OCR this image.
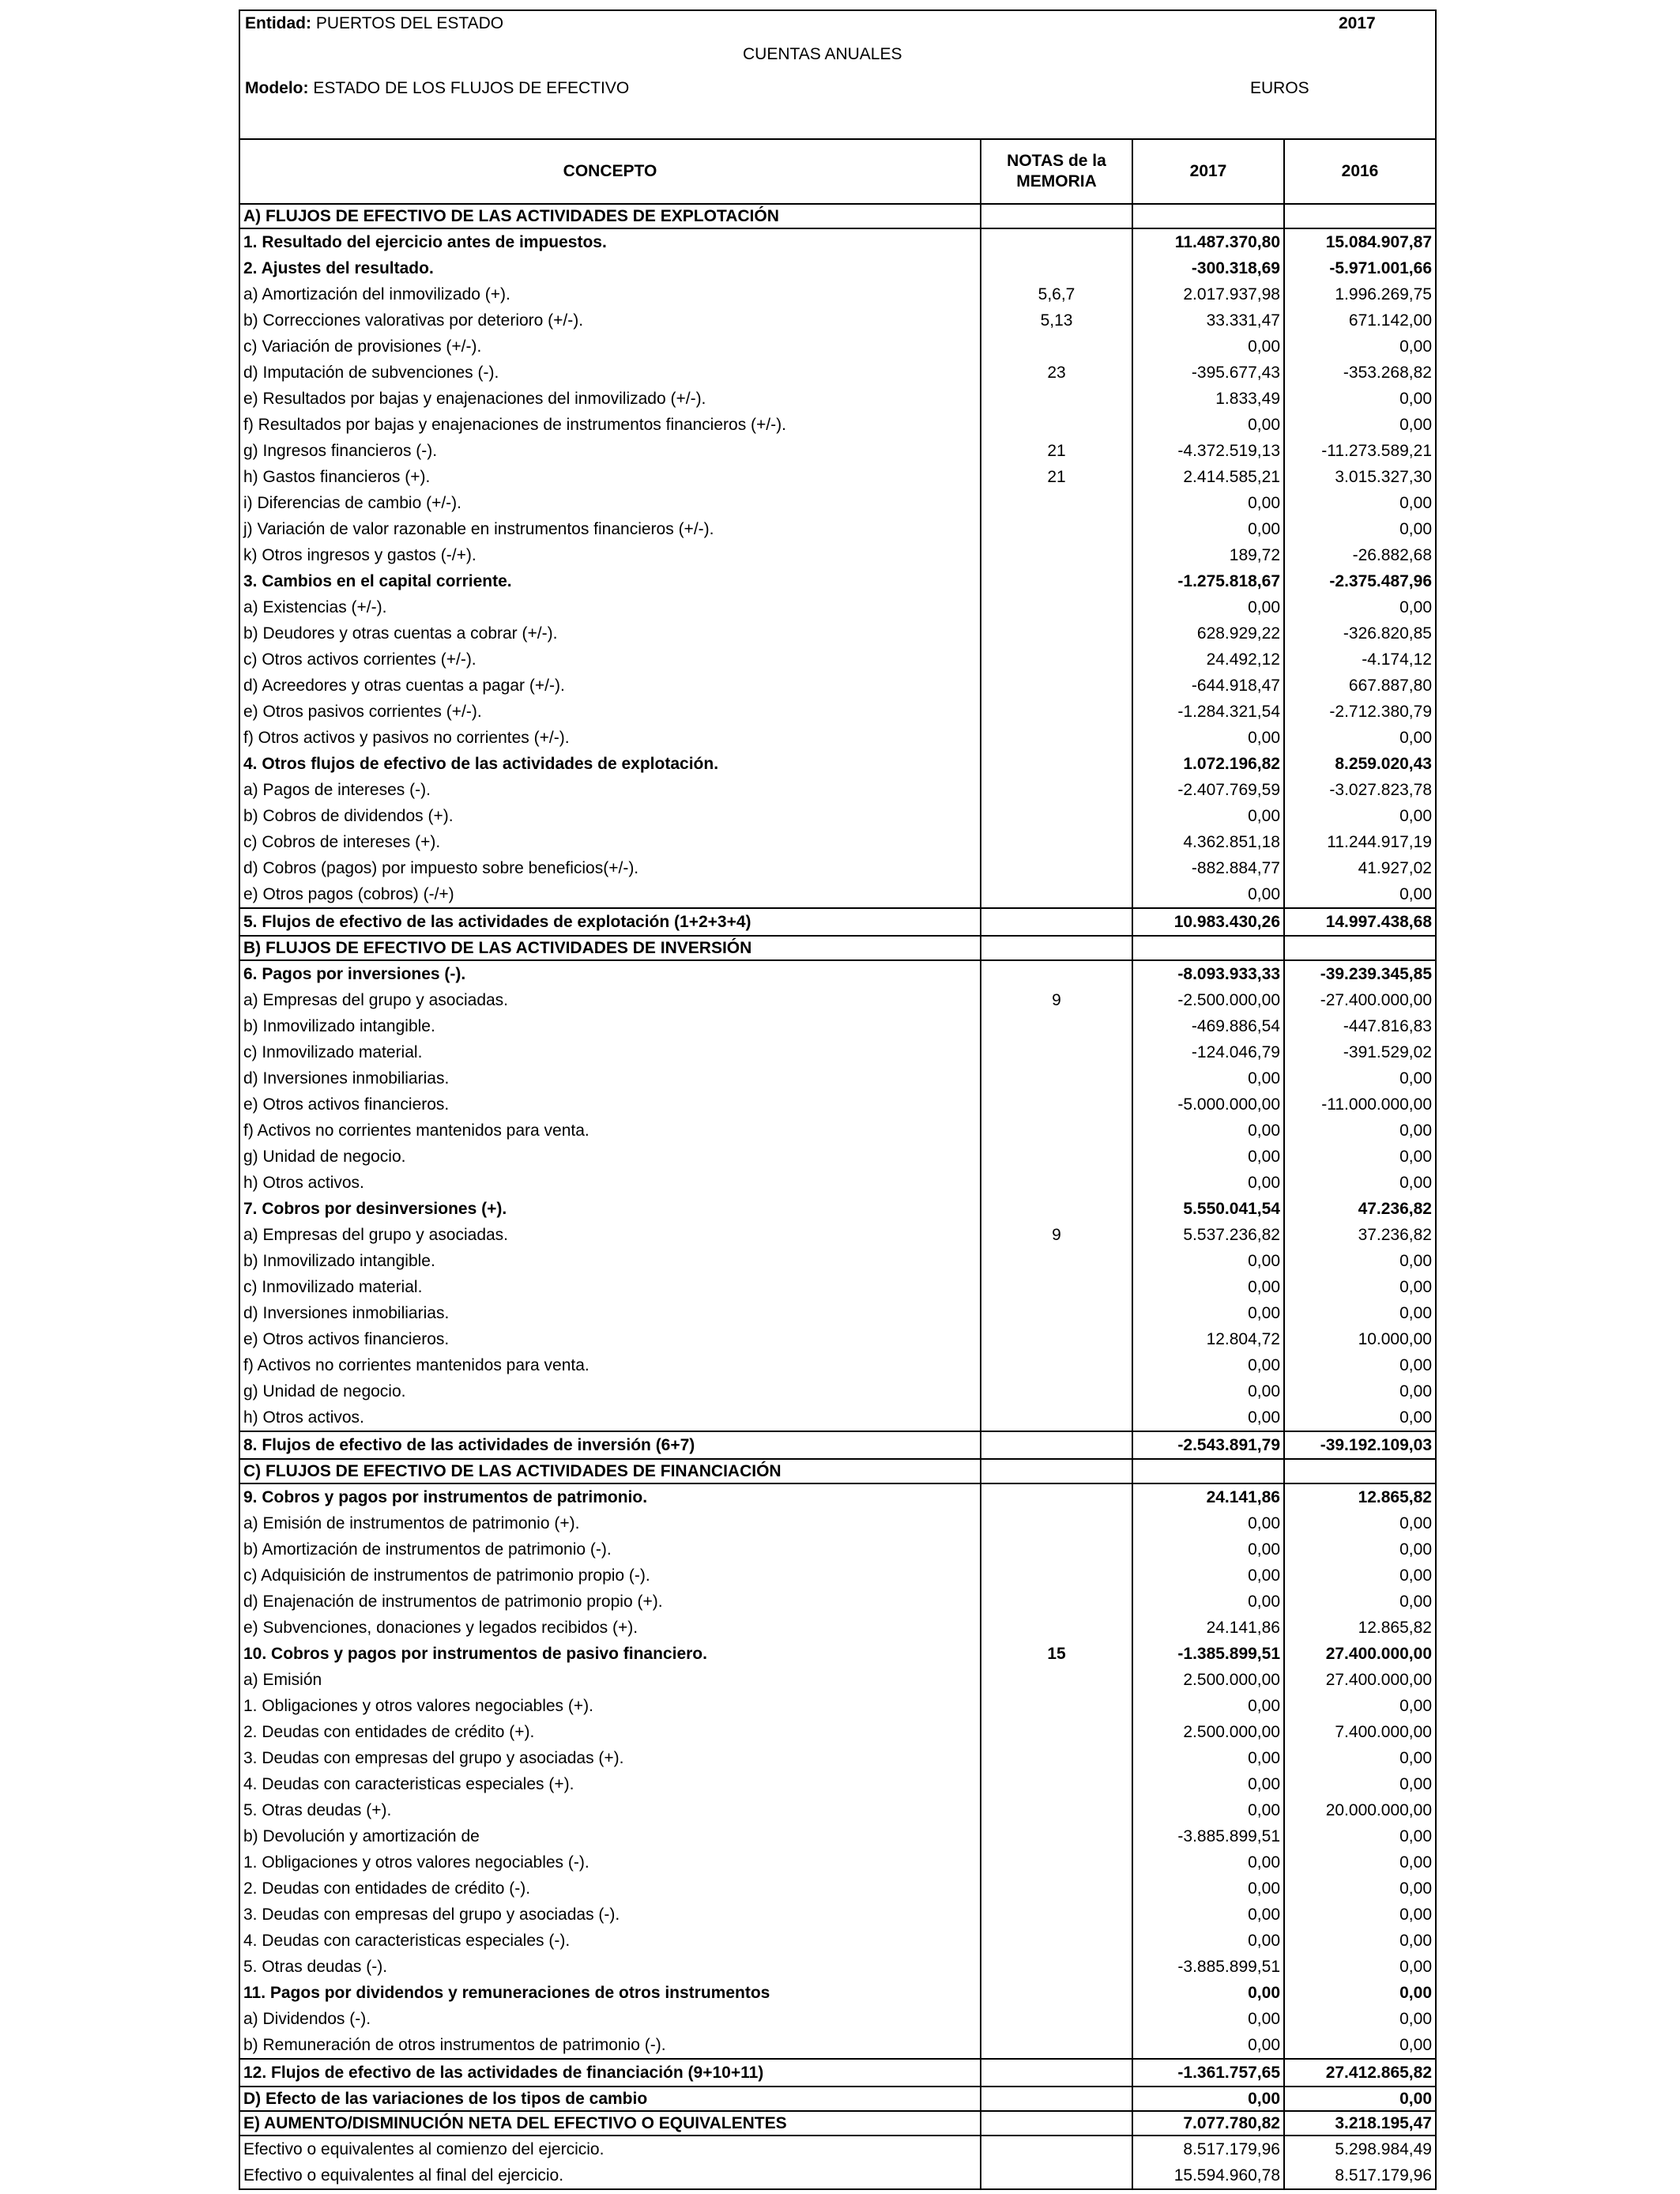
Entidad: PUERTOS DEL ESTADO	2017
CUENTAS ANUALES
Modelo: ESTADO DE LOS FLUJOS DE EFECTIVO	EUROS
CONCEPTO	NOTAS de la MEMORIA	2017	2016
A) FLUJOS DE EFECTIVO DE LAS ACTIVIDADES DE EXPLOTACIÓN			
1. Resultado del ejercicio antes de impuestos.		11.487.370,80	15.084.907,87
2. Ajustes del resultado.		-300.318,69	-5.971.001,66
a) Amortización del inmovilizado (+).	5,6,7	2.017.937,98	1.996.269,75
b) Correcciones valorativas por deterioro (+/-).	5,13	33.331,47	671.142,00
c) Variación de provisiones (+/-).		0,00	0,00
d) Imputación de subvenciones (-).	23	-395.677,43	-353.268,82
e) Resultados por bajas y enajenaciones del inmovilizado (+/-).		1.833,49	0,00
f) Resultados por bajas y enajenaciones de instrumentos financieros (+/-).		0,00	0,00
g) Ingresos financieros (-).	21	-4.372.519,13	-11.273.589,21
h) Gastos financieros (+).	21	2.414.585,21	3.015.327,30
i) Diferencias de cambio (+/-).		0,00	0,00
j) Variación de valor razonable en instrumentos financieros (+/-).		0,00	0,00
k) Otros ingresos y gastos (-/+).		189,72	-26.882,68
3. Cambios en el capital corriente.		-1.275.818,67	-2.375.487,96
a) Existencias (+/-).		0,00	0,00
b) Deudores y otras cuentas a cobrar (+/-).		628.929,22	-326.820,85
c) Otros activos corrientes (+/-).		24.492,12	-4.174,12
d) Acreedores y otras cuentas a pagar (+/-).		-644.918,47	667.887,80
e) Otros pasivos corrientes (+/-).		-1.284.321,54	-2.712.380,79
f) Otros activos y pasivos no corrientes (+/-).		0,00	0,00
4. Otros flujos de efectivo de las actividades de explotación.		1.072.196,82	8.259.020,43
a) Pagos de intereses (-).		-2.407.769,59	-3.027.823,78
b) Cobros de dividendos (+).		0,00	0,00
c) Cobros de intereses (+).		4.362.851,18	11.244.917,19
d) Cobros (pagos) por impuesto sobre beneficios(+/-).		-882.884,77	41.927,02
e) Otros pagos (cobros) (-/+)		0,00	0,00
5. Flujos de efectivo de las actividades de explotación (1+2+3+4)		10.983.430,26	14.997.438,68
B) FLUJOS DE EFECTIVO DE LAS ACTIVIDADES DE INVERSIÓN			
6. Pagos por inversiones (-).		-8.093.933,33	-39.239.345,85
a) Empresas del grupo y asociadas.	9	-2.500.000,00	-27.400.000,00
b) Inmovilizado intangible.		-469.886,54	-447.816,83
c) Inmovilizado material.		-124.046,79	-391.529,02
d) Inversiones inmobiliarias.		0,00	0,00
e) Otros activos financieros.		-5.000.000,00	-11.000.000,00
f) Activos no corrientes mantenidos para venta.		0,00	0,00
g) Unidad de negocio.		0,00	0,00
h) Otros activos.		0,00	0,00
7. Cobros por desinversiones (+).		5.550.041,54	47.236,82
a) Empresas del grupo y asociadas.	9	5.537.236,82	37.236,82
b) Inmovilizado intangible.		0,00	0,00
c) Inmovilizado material.		0,00	0,00
d) Inversiones inmobiliarias.		0,00	0,00
e) Otros activos financieros.		12.804,72	10.000,00
f) Activos no corrientes mantenidos para venta.		0,00	0,00
g) Unidad de negocio.		0,00	0,00
h) Otros activos.		0,00	0,00
8. Flujos de efectivo de las actividades de inversión (6+7)		-2.543.891,79	-39.192.109,03
C) FLUJOS DE EFECTIVO DE LAS ACTIVIDADES DE FINANCIACIÓN			
9. Cobros y pagos por instrumentos de patrimonio.		24.141,86	12.865,82
a) Emisión de instrumentos de patrimonio (+).		0,00	0,00
b) Amortización de instrumentos de patrimonio (-).		0,00	0,00
c) Adquisición de instrumentos de patrimonio propio (-).		0,00	0,00
d) Enajenación de instrumentos de patrimonio propio (+).		0,00	0,00
e) Subvenciones, donaciones y legados recibidos (+).		24.141,86	12.865,82
10. Cobros y pagos por instrumentos de pasivo financiero.	15	-1.385.899,51	27.400.000,00
a) Emisión		2.500.000,00	27.400.000,00
1. Obligaciones y otros valores negociables (+).		0,00	0,00
2. Deudas con entidades de crédito (+).		2.500.000,00	7.400.000,00
3. Deudas con empresas del grupo y asociadas (+).		0,00	0,00
4. Deudas con caracteristicas especiales (+).		0,00	0,00
5. Otras deudas (+).		0,00	20.000.000,00
b) Devolución y amortización de		-3.885.899,51	0,00
1. Obligaciones y otros valores negociables (-).		0,00	0,00
2. Deudas con entidades de crédito (-).		0,00	0,00
3. Deudas con empresas del grupo y asociadas (-).		0,00	0,00
4. Deudas con caracteristicas especiales (-).		0,00	0,00
5. Otras deudas (-).		-3.885.899,51	0,00
11. Pagos por dividendos y remuneraciones de otros instrumentos		0,00	0,00
a) Dividendos (-).		0,00	0,00
b) Remuneración de otros instrumentos de patrimonio (-).		0,00	0,00
12. Flujos de efectivo de las actividades de financiación (9+10+11)		-1.361.757,65	27.412.865,82
D) Efecto de las variaciones de los tipos de cambio		0,00	0,00
E) AUMENTO/DISMINUCIÓN NETA DEL EFECTIVO O EQUIVALENTES		7.077.780,82	3.218.195,47
Efectivo o equivalentes al comienzo del ejercicio.		8.517.179,96	5.298.984,49
Efectivo o equivalentes al final del ejercicio.		15.594.960,78	8.517.179,96
